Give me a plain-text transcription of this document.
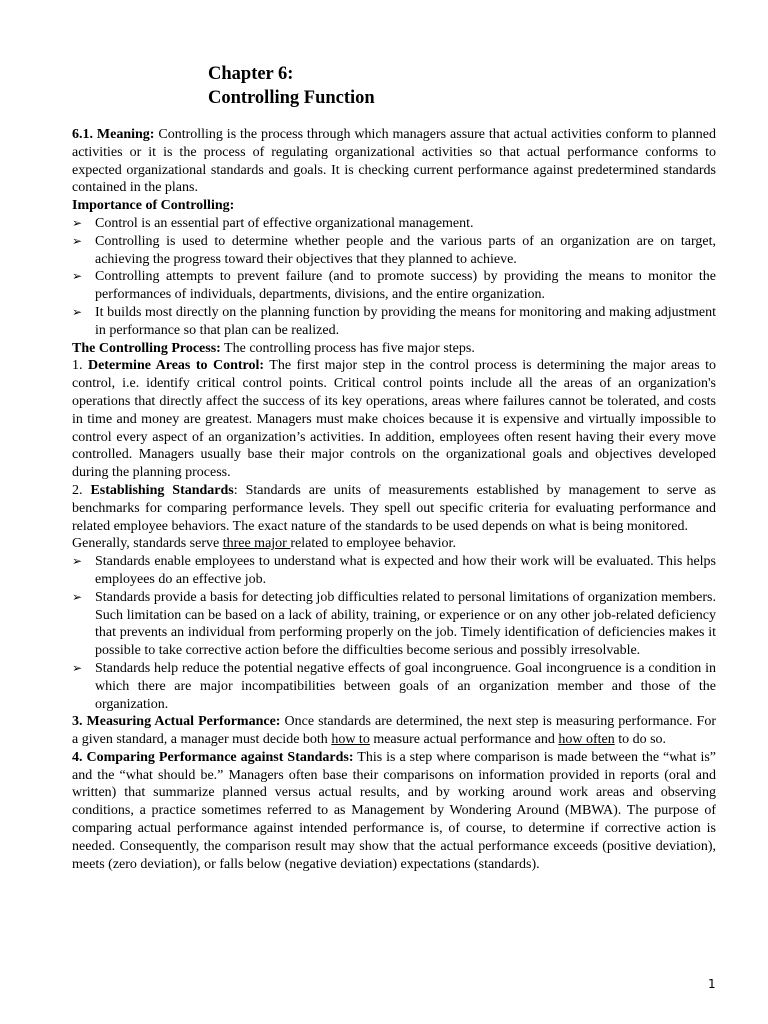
Chapter 6:
Controlling Function

6.1. Meaning: Controlling is the process through which managers assure that actual activities conform to planned activities or it is the process of regulating organizational activities so that actual performance conforms to expected organizational standards and goals. It is checking current performance against predetermined standards contained in the plans.

Importance of Controlling:

➢ Control is an essential part of effective organizational management.
➢ Controlling is used to determine whether people and the various parts of an organization are on target, achieving the progress toward their objectives that they planned to achieve.
➢ Controlling attempts to prevent failure (and to promote success) by providing the means to monitor the performances of individuals, departments, divisions, and the entire organization.
➢ It builds most directly on the planning function by providing the means for monitoring and making adjustment in performance so that plan can be realized.

The Controlling Process: The controlling process has five major steps.

1. Determine Areas to Control: The first major step in the control process is determining the major areas to control, i.e. identify critical control points. Critical control points include all the areas of an organization's operations that directly affect the success of its key operations, areas where failures cannot be tolerated, and costs in time and money are greatest. Managers must make choices because it is expensive and virtually impossible to control every aspect of an organization’s activities. In addition, employees often resent having their every move controlled. Managers usually base their major controls on the organizational goals and objectives developed during the planning process.

2. Establishing Standards: Standards are units of measurements established by management to serve as benchmarks for comparing performance levels. They spell out specific criteria for evaluating performance and related employee behaviors. The exact nature of the standards to be used depends on what is being monitored.

Generally, standards serve three major related to employee behavior.

➢ Standards enable employees to understand what is expected and how their work will be evaluated. This helps employees do an effective job.
➢ Standards provide a basis for detecting job difficulties related to personal limitations of organization members. Such limitation can be based on a lack of ability, training, or experience or on any other job-related deficiency that prevents an individual from performing properly on the job. Timely identification of deficiencies makes it possible to take corrective action before the difficulties become serious and possibly irresolvable.
➢ Standards help reduce the potential negative effects of goal incongruence. Goal incongruence is a condition in which there are major incompatibilities between goals of an organization member and those of the organization.

3. Measuring Actual Performance: Once standards are determined, the next step is measuring performance. For a given standard, a manager must decide both how to measure actual performance and how often to do so.

4. Comparing Performance against Standards: This is a step where comparison is made between the “what is” and the “what should be.” Managers often base their comparisons on information provided in reports (oral and written) that summarize planned versus actual results, and by working around work areas and observing conditions, a practice sometimes referred to as Management by Wondering Around (MBWA). The purpose of comparing actual performance against intended performance is, of course, to determine if corrective action is needed. Consequently, the comparison result may show that the actual performance exceeds (positive deviation), meets (zero deviation), or falls below (negative deviation) expectations (standards).

1
